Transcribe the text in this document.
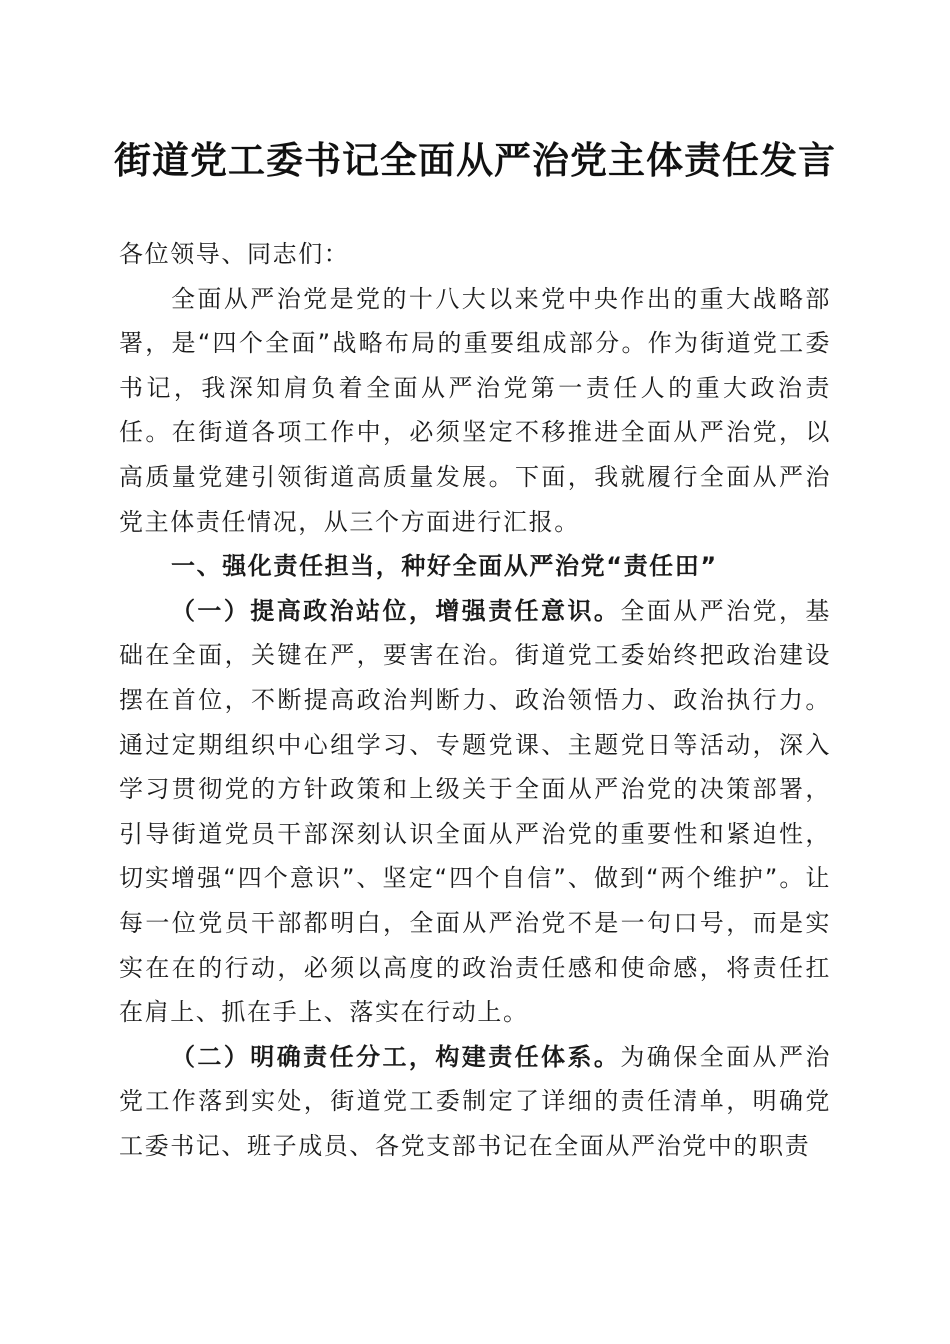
街道党工委书记全面从严治党主体责任发言

各位领导、同志们：

全面从严治党是党的十八大以来党中央作出的重大战略部署，是“四个全面”战略布局的重要组成部分。作为街道党工委书记，我深知肩负着全面从严治党第一责任人的重大政治责任。在街道各项工作中，必须坚定不移推进全面从严治党，以高质量党建引领街道高质量发展。下面，我就履行全面从严治党主体责任情况，从三个方面进行汇报。

一、强化责任担当，种好全面从严治党“责任田”

（一）提高政治站位，增强责任意识。全面从严治党，基础在全面，关键在严，要害在治。街道党工委始终把政治建设摆在首位，不断提高政治判断力、政治领悟力、政治执行力。通过定期组织中心组学习、专题党课、主题党日等活动，深入学习贯彻党的方针政策和上级关于全面从严治党的决策部署，引导街道党员干部深刻认识全面从严治党的重要性和紧迫性，切实增强“四个意识”、坚定“四个自信”、做到“两个维护”。让每一位党员干部都明白，全面从严治党不是一句口号，而是实实在在的行动，必须以高度的政治责任感和使命感，将责任扛在肩上、抓在手上、落实在行动上。

（二）明确责任分工，构建责任体系。为确保全面从严治党工作落到实处，街道党工委制定了详细的责任清单，明确党工委书记、班子成员、各党支部书记在全面从严治党中的职责
